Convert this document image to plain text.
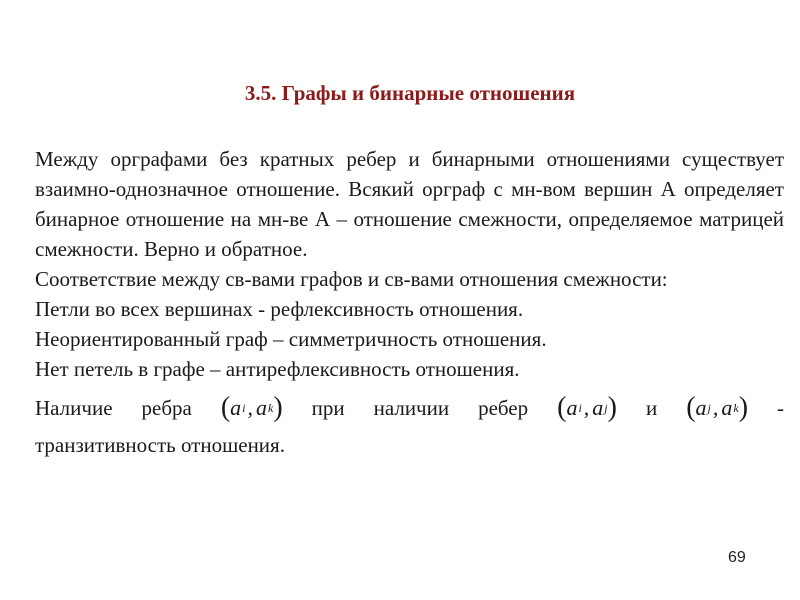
3.5. Графы и бинарные отношения

Между орграфами без кратных ребер и бинарными отношениями существует взаимно-однозначное отношение. Всякий орграф с мн-вом вершин А определяет бинарное отношение на мн-ве А – отношение смежности, определяемое матрицей смежности. Верно и обратное.

Соответствие между св-вами графов и св-вами отношения смежности:

Петли во всех вершинах - рефлексивность отношения.

Неориентированный граф – симметричность отношения.

Нет петель в графе – антирефлексивность отношения.

Наличие ребра ( a i , a k ) при наличии ребер ( a i , a j ) и ( a j , a k ) -

транзитивность отношения.

69
